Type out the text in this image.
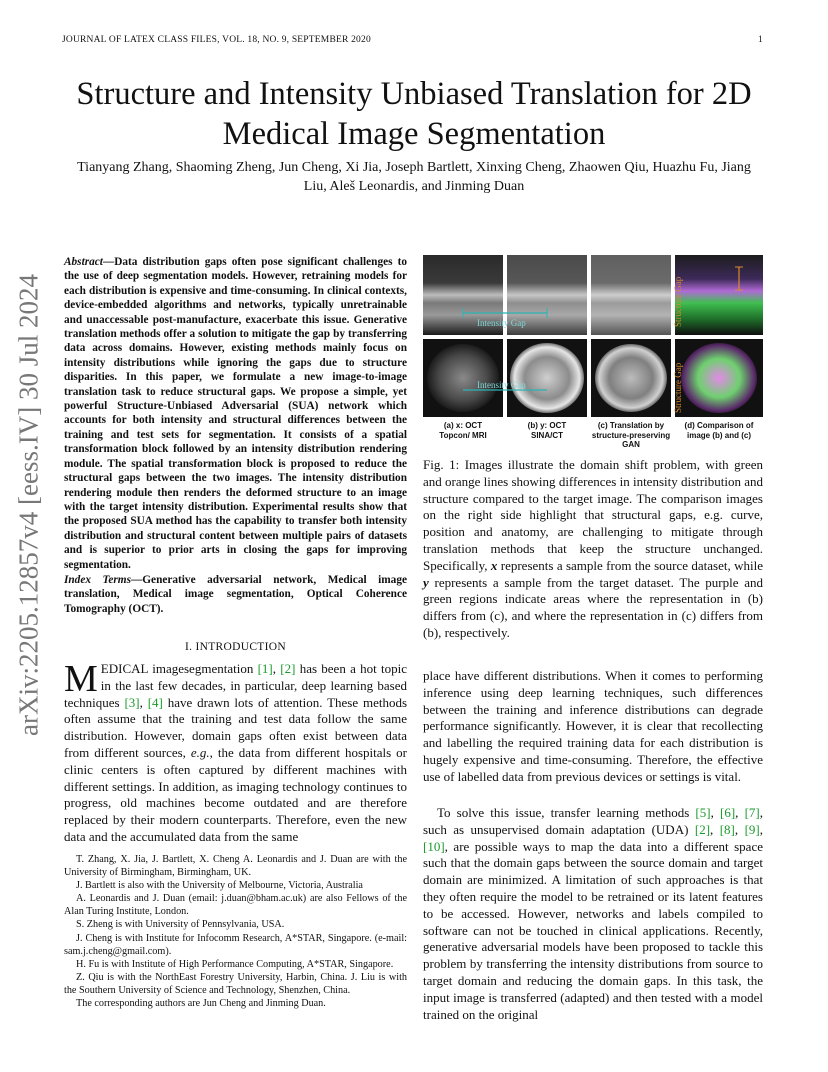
JOURNAL OF LATEX CLASS FILES, VOL. 18, NO. 9, SEPTEMBER 2020	1
Structure and Intensity Unbiased Translation for 2D Medical Image Segmentation
Tianyang Zhang, Shaoming Zheng, Jun Cheng, Xi Jia, Joseph Bartlett, Xinxing Cheng, Zhaowen Qiu, Huazhu Fu, Jiang Liu, Aleš Leonardis, and Jinming Duan
arXiv:2205.12857v4 [eess.IV] 30 Jul 2024
Abstract—Data distribution gaps often pose significant challenges to the use of deep segmentation models. However, retraining models for each distribution is expensive and time-consuming. In clinical contexts, device-embedded algorithms and networks, typically unretrainable and unaccessable post-manufacture, exacerbate this issue. Generative translation methods offer a solution to mitigate the gap by transferring data across domains. However, existing methods mainly focus on intensity distributions while ignoring the gaps due to structure disparities. In this paper, we formulate a new image-to-image translation task to reduce structural gaps. We propose a simple, yet powerful Structure-Unbiased Adversarial (SUA) network which accounts for both intensity and structural differences between the training and test sets for segmentation. It consists of a spatial transformation block followed by an intensity distribution rendering module. The spatial transformation block is proposed to reduce the structural gaps between the two images. The intensity distribution rendering module then renders the deformed structure to an image with the target intensity distribution. Experimental results show that the proposed SUA method has the capability to transfer both intensity distribution and structural content between multiple pairs of datasets and is superior to prior arts in closing the gaps for improving segmentation.
Index Terms—Generative adversarial network, Medical image translation, Medical image segmentation, Optical Coherence Tomography (OCT).
I. INTRODUCTION
MEDICAL imagesegmentation [1], [2] has been a hot topic in the last few decades, in particular, deep learning based techniques [3], [4] have drawn lots of attention. These methods often assume that the training and test data follow the same distribution. However, domain gaps often exist between data from different sources, e.g., the data from different hospitals or clinic centers is often captured by different machines with different settings. In addition, as imaging technology continues to progress, old machines become outdated and are therefore replaced by their modern counterparts. Therefore, even the new data and the accumulated data from the same

T. Zhang, X. Jia, J. Bartlett, X. Cheng A. Leonardis and J. Duan are with the University of Birmingham, Birmingham, UK.

J. Bartlett is also with the University of Melbourne, Victoria, Australia

A. Leonardis and J. Duan (email: j.duan@bham.ac.uk) are also Fellows of the Alan Turing Institute, London.

S. Zheng is with University of Pennsylvania, USA.

J. Cheng is with Institute for Infocomm Research, A*STAR, Singapore. (e-mail: sam.j.cheng@gmail.com).

H. Fu is with Institute of High Performance Computing, A*STAR, Singapore.

Z. Qiu is with the NorthEast Forestry University, Harbin, China. J. Liu is with the Southern University of Science and Technology, Shenzhen, China.

The corresponding authors are Jun Cheng and Jinming Duan.

Intensity Gap
Intensity Gap
Structure Gap
Structure Gap
(a) x: OCT
Topcon/ MRI
(b) y: OCT
SINA/CT
(c) Translation by
structure-preserving
GAN
(d) Comparison of
image (b) and (c)
Fig. 1: Images illustrate the domain shift problem, with green and orange lines showing differences in intensity distribution and structure compared to the target image. The comparison images on the right side highlight that structural gaps, e.g. curve, position and anatomy, are challenging to mitigate through translation methods that keep the structure unchanged. Specifically, x represents a sample from the source dataset, while y represents a sample from the target dataset. The purple and green regions indicate areas where the representation in (b) differs from (c), and where the representation in (c) differs from (b), respectively.

place have different distributions. When it comes to performing inference using deep learning techniques, such differences between the training and inference distributions can degrade performance significantly. However, it is clear that recollecting and labelling the required training data for each distribution is hugely expensive and time-consuming. Therefore, the effective use of labelled data from previous devices or settings is vital.

To solve this issue, transfer learning methods [5], [6], [7], such as unsupervised domain adaptation (UDA) [2], [8], [9], [10], are possible ways to map the data into a different space such that the domain gaps between the source domain and target domain are minimized. A limitation of such approaches is that they often require the model to be retrained or its latent features to be accessed. However, networks and labels compiled to software can not be touched in clinical applications. Recently, generative adversarial models have been proposed to tackle this problem by transferring the intensity distributions from source to target domain and reducing the domain gaps. In this task, the input image is transferred (adapted) and then tested with a model trained on the original
